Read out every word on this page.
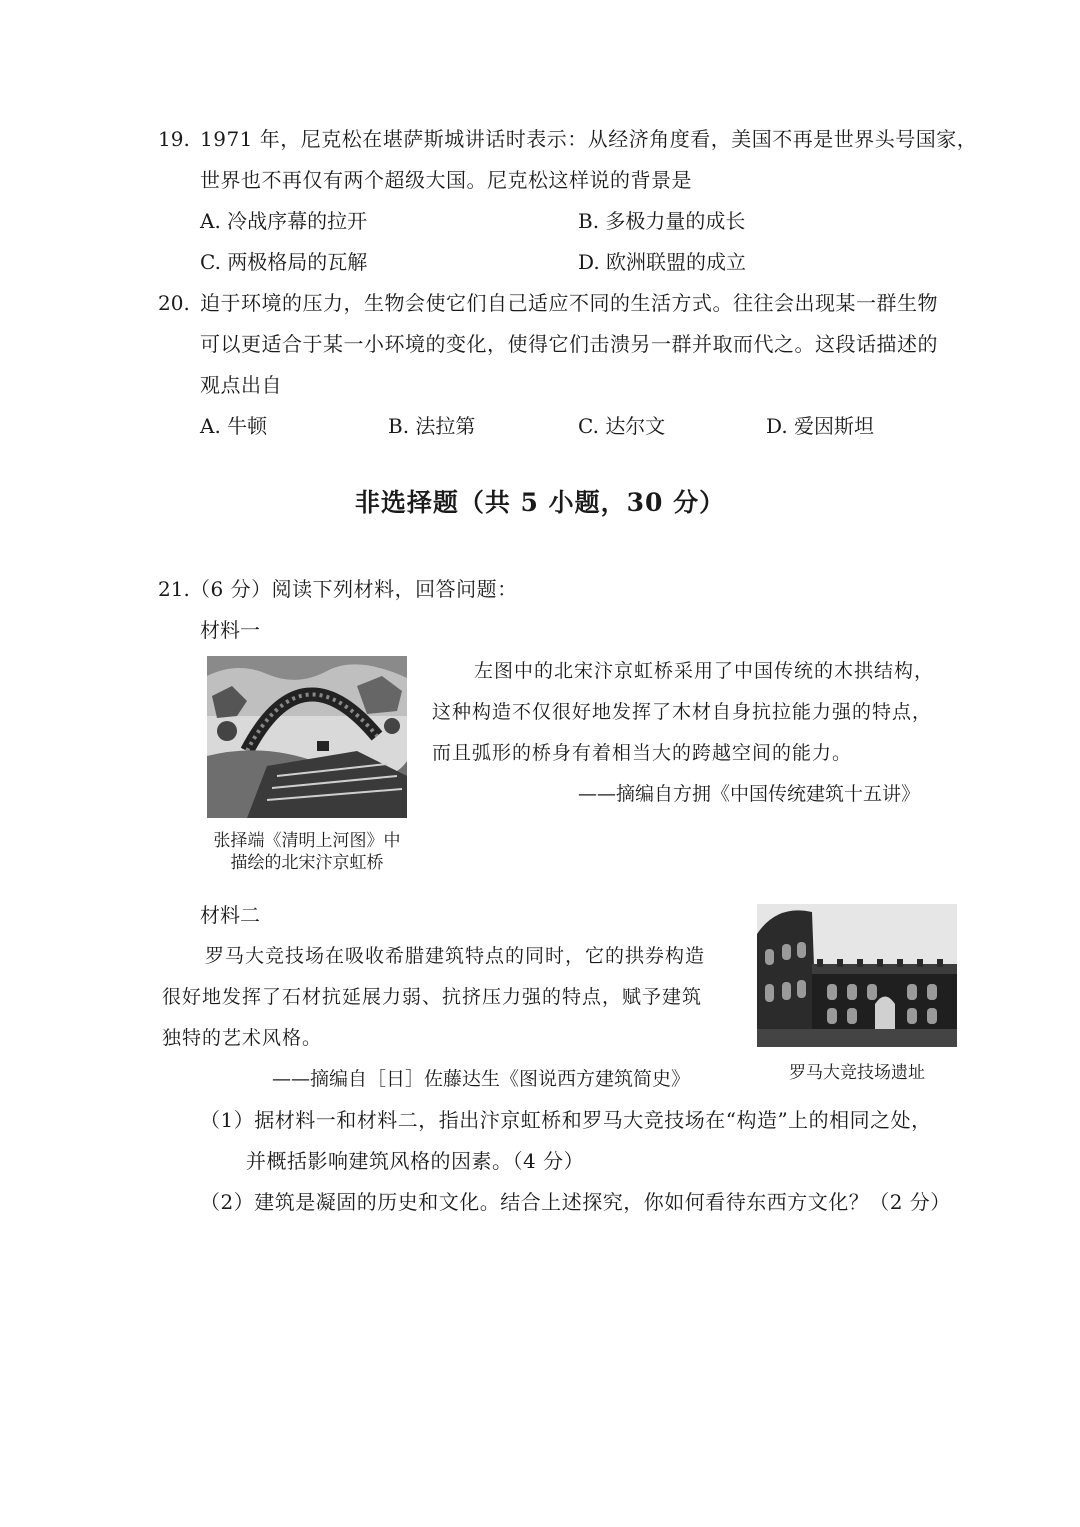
19. 1971 年，尼克松在堪萨斯城讲话时表示：从经济角度看，美国不再是世界头号国家，
世界也不再仅有两个超级大国。尼克松这样说的背景是
A. 冷战序幕的拉开	B. 多极力量的成长
C. 两极格局的瓦解	D. 欧洲联盟的成立
20. 迫于环境的压力，生物会使它们自己适应不同的生活方式。往往会出现某一群生物
可以更适合于某一小环境的变化，使得它们击溃另一群并取而代之。这段话描述的
观点出自
A. 牛顿	B. 法拉第	C. 达尔文	D. 爱因斯坦
非选择题（共 5 小题，30 分）
21. （6 分）阅读下列材料，回答问题：
材料一
张择端《清明上河图》中
描绘的北宋汴京虹桥
左图中的北宋汴京虹桥采用了中国传统的木拱结构，
这种构造不仅很好地发挥了木材自身抗拉能力强的特点，
而且弧形的桥身有着相当大的跨越空间的能力。
——摘编自方拥《中国传统建筑十五讲》
材料二
罗马大竞技场在吸收希腊建筑特点的同时，它的拱券构造
很好地发挥了石材抗延展力弱、抗挤压力强的特点，赋予建筑
独特的艺术风格。
——摘编自［日］佐藤达生《图说西方建筑简史》	罗马大竞技场遗址
（1）据材料一和材料二，指出汴京虹桥和罗马大竞技场在“构造”上的相同之处，
并概括影响建筑风格的因素。（4 分）
（2）建筑是凝固的历史和文化。结合上述探究，你如何看待东西方文化？（2 分）
